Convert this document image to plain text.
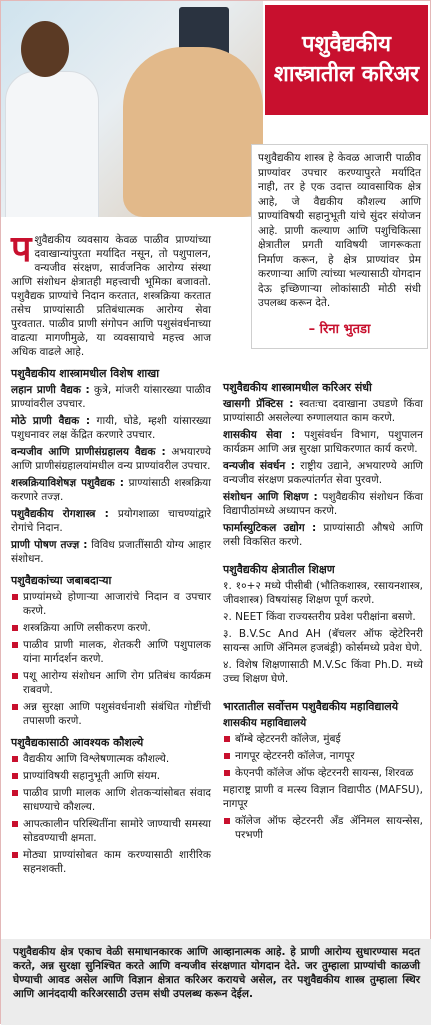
पशुवैद्यकीय
शास्त्रातील करिअर
पशुवैद्यकीय शास्त्र हे केवळ आजारी पाळीव प्राण्यांवर उपचार करण्यापुरते मर्यादित नाही, तर हे एक उदात्त व्यावसायिक क्षेत्र आहे, जे वैद्यकीय कौशल्य आणि प्राण्यांविषयी सहानुभूती यांचे सुंदर संयोजन आहे. प्राणी कल्याण आणि पशुचिकित्सा क्षेत्रातील प्रगती याविषयी जागरूकता निर्माण करून, हे क्षेत्र प्राण्यांवर प्रेम करणाऱ्या आणि त्यांच्या भल्यासाठी योगदान देऊ इच्छिणाऱ्या लोकांसाठी मोठी संधी उपलब्ध करून देते.
– रिना भुतडा
पशुवैद्यकीय व्यवसाय केवळ पाळीव प्राण्यांच्या दवाखान्यांपुरता मर्यादित नसून, तो पशुपालन, वन्यजीव संरक्षण, सार्वजनिक आरोग्य संस्था आणि संशोधन क्षेत्रातही महत्त्वाची भूमिका बजावतो. पशुवैद्यक प्राण्यांचे निदान करतात, शस्त्रक्रिया करतात तसेच प्राण्यांसाठी प्रतिबंधात्मक आरोग्य सेवा पुरवतात. पाळीव प्राणी संगोपन आणि पशुसंवर्धनाच्या वाढत्या मागणीमुळे, या व्यवसायाचे महत्त्व आज अधिक वाढले आहे.
पशुवैद्यकीय शास्त्रामधील विशेष शाखा
लहान प्राणी वैद्यक : कुत्रे, मांजरी यांसारख्या पाळीव प्राण्यांवरील उपचार.
मोठे प्राणी वैद्यक : गायी, घोडे, म्हशी यांसारख्या पशुधनावर लक्ष केंद्रित करणारे उपचार.
वन्यजीव आणि प्राणीसंग्रहालय वैद्यक : अभयारण्ये आणि प्राणीसंग्रहालयांमधील वन्य प्राण्यांवरील उपचार.
शस्त्रक्रियाविशेषज्ञ पशुवैद्यक : प्राण्यांसाठी शस्त्रक्रिया करणारे तज्ज्ञ.
पशुवैद्यकीय रोगशास्त्र : प्रयोगशाळा चाचण्यांद्वारे रोगांचे निदान.
प्राणी पोषण तज्ज्ञ : विविध प्रजातींसाठी योग्य आहार संशोधन.
पशुवैद्यकांच्या जबाबदाऱ्या
प्राण्यांमध्ये होणाऱ्या आजारांचे निदान व उपचार करणे.
शस्त्रक्रिया आणि लसीकरण करणे.
पाळीव प्राणी मालक, शेतकरी आणि पशुपालक यांना मार्गदर्शन करणे.
पशू आरोग्य संशोधन आणि रोग प्रतिबंध कार्यक्रम राबवणे.
अन्न सुरक्षा आणि पशुसंवर्धनाशी संबंधित गोष्टींची तपासणी करणे.
पशुवैद्यकासाठी आवश्यक कौशल्ये
वैद्यकीय आणि विश्लेषणात्मक कौशल्ये.
प्राण्यांविषयी सहानुभूती आणि संयम.
पाळीव प्राणी मालक आणि शेतकऱ्यांसोबत संवाद साधण्याचे कौशल्य.
आपत्कालीन परिस्थितींना सामोरे जाण्याची समस्या सोडवण्याची क्षमता.
मोठ्या प्राण्यांसोबत काम करण्यासाठी शारीरिक सहनशक्ती.
पशुवैद्यकीय शास्त्रामधील करिअर संधी
खासगी प्रॅक्टिस : स्वतःचा दवाखाना उघडणे किंवा प्राण्यांसाठी असलेल्या रुग्णालयात काम करणे.
शासकीय सेवा : पशुसंवर्धन विभाग, पशुपालन कार्यक्रम आणि अन्न सुरक्षा प्राधिकरणात कार्य करणे.
वन्यजीव संवर्धन : राष्ट्रीय उद्याने, अभयारण्ये आणि वन्यजीव संरक्षण प्रकल्पांतर्गत सेवा पुरवणे.
संशोधन आणि शिक्षण : पशुवैद्यकीय संशोधन किंवा विद्यापीठांमध्ये अध्यापन करणे.
फार्मास्युटिकल उद्योग : प्राण्यांसाठी औषधे आणि लसी विकसित करणे.
पशुवैद्यकीय क्षेत्रातील शिक्षण
१. १०+२ मध्ये पीसीबी (भौतिकशास्त्र, रसायनशास्त्र, जीवशास्त्र) विषयांसह शिक्षण पूर्ण करणे.
२. NEET किंवा राज्यस्तरीय प्रवेश परीक्षांना बसणे.
३. B.V.Sc And AH (बॅचलर ऑफ व्हेटेरिनरी सायन्स आणि ॲनिमल हजबंड्री) कोर्समध्ये प्रवेश घेणे.
४. विशेष शिक्षणासाठी M.V.Sc किंवा Ph.D. मध्ये उच्च शिक्षण घेणे.
भारतातील सर्वोत्तम पशुवैद्यकीय महाविद्यालये
शासकीय महाविद्यालये
बॉम्बे व्हेटरनरी कॉलेज, मुंबई
नागपूर व्हेटरनरी कॉलेज, नागपूर
केएनपी कॉलेज ऑफ व्हेटरनरी सायन्स, शिरवळ
महाराष्ट्र प्राणी व मत्स्य विज्ञान विद्यापीठ (MAFSU), नागपूर
कॉलेज ऑफ व्हेटरनरी ॲंड ॲनिमल सायन्सेस, परभणी
पशुवैद्यकीय क्षेत्र एकाच वेळी समाधानकारक आणि आव्हानात्मक आहे. हे प्राणी आरोग्य सुधारण्यास मदत करते, अन्न सुरक्षा सुनिश्चित करते आणि वन्यजीव संरक्षणात योगदान देते. जर तुम्हाला प्राण्यांची काळजी घेण्याची आवड असेल आणि विज्ञान क्षेत्रात करिअर करायचे असेल, तर पशुवैद्यकीय शास्त्र तुम्हाला स्थिर आणि आनंददायी करिअरसाठी उत्तम संधी उपलब्ध करून देईल.
